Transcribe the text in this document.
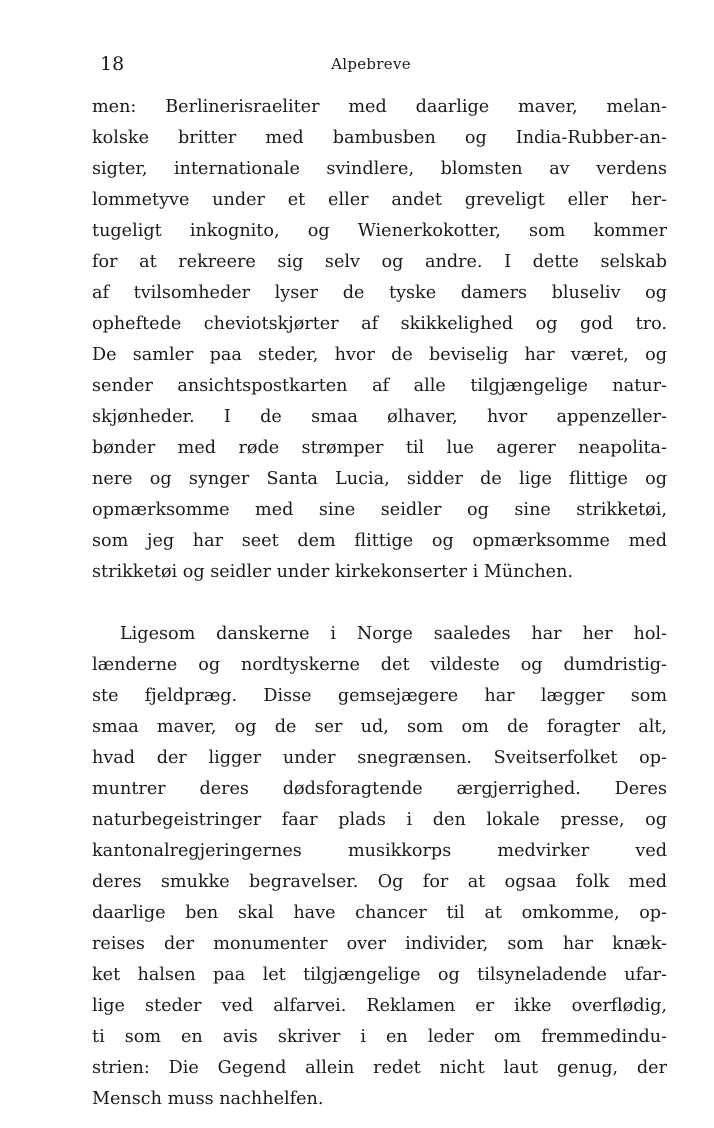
18	Alpebreve
men: Berlinerisraeliter med daarlige maver, melan-
kolske britter med bambusben og India-Rubber-an-
sigter, internationale svindlere, blomsten av verdens
lommetyve under et eller andet greveligt eller her-
tugeligt inkognito, og Wienerkokotter, som kommer
for at rekreere sig selv og andre. I dette selskab
af tvilsomheder lyser de tyske damers bluseliv og
opheftede cheviotskjørter af skikkelighed og god tro.
De samler paa steder, hvor de beviselig har været, og
sender ansichtspostkarten af alle tilgjængelige natur-
skjønheder. I de smaa ølhaver, hvor appenzeller-
bønder med røde strømper til lue agerer neapolita-
nere og synger Santa Lucia, sidder de lige flittige og
opmærksomme med sine seidler og sine strikketøi,
som jeg har seet dem flittige og opmærksomme med
strikketøi og seidler under kirkekonserter i München.
Ligesom danskerne i Norge saaledes har her hol-
lænderne og nordtyskerne det vildeste og dumdristig-
ste fjeldpræg. Disse gemsejægere har lægger som
smaa maver, og de ser ud, som om de foragter alt,
hvad der ligger under snegrænsen. Sveitserfolket op-
muntrer deres dødsforagtende ærgjerrighed. Deres
naturbegeistringer faar plads i den lokale presse, og
kantonalregjeringernes musikkorps medvirker ved
deres smukke begravelser. Og for at ogsaa folk med
daarlige ben skal have chancer til at omkomme, op-
reises der monumenter over individer, som har knæk-
ket halsen paa let tilgjængelige og tilsyneladende ufar-
lige steder ved alfarvei. Reklamen er ikke overflødig,
ti som en avis skriver i en leder om fremmedindu-
strien: Die Gegend allein redet nicht laut genug, der
Mensch muss nachhelfen.
